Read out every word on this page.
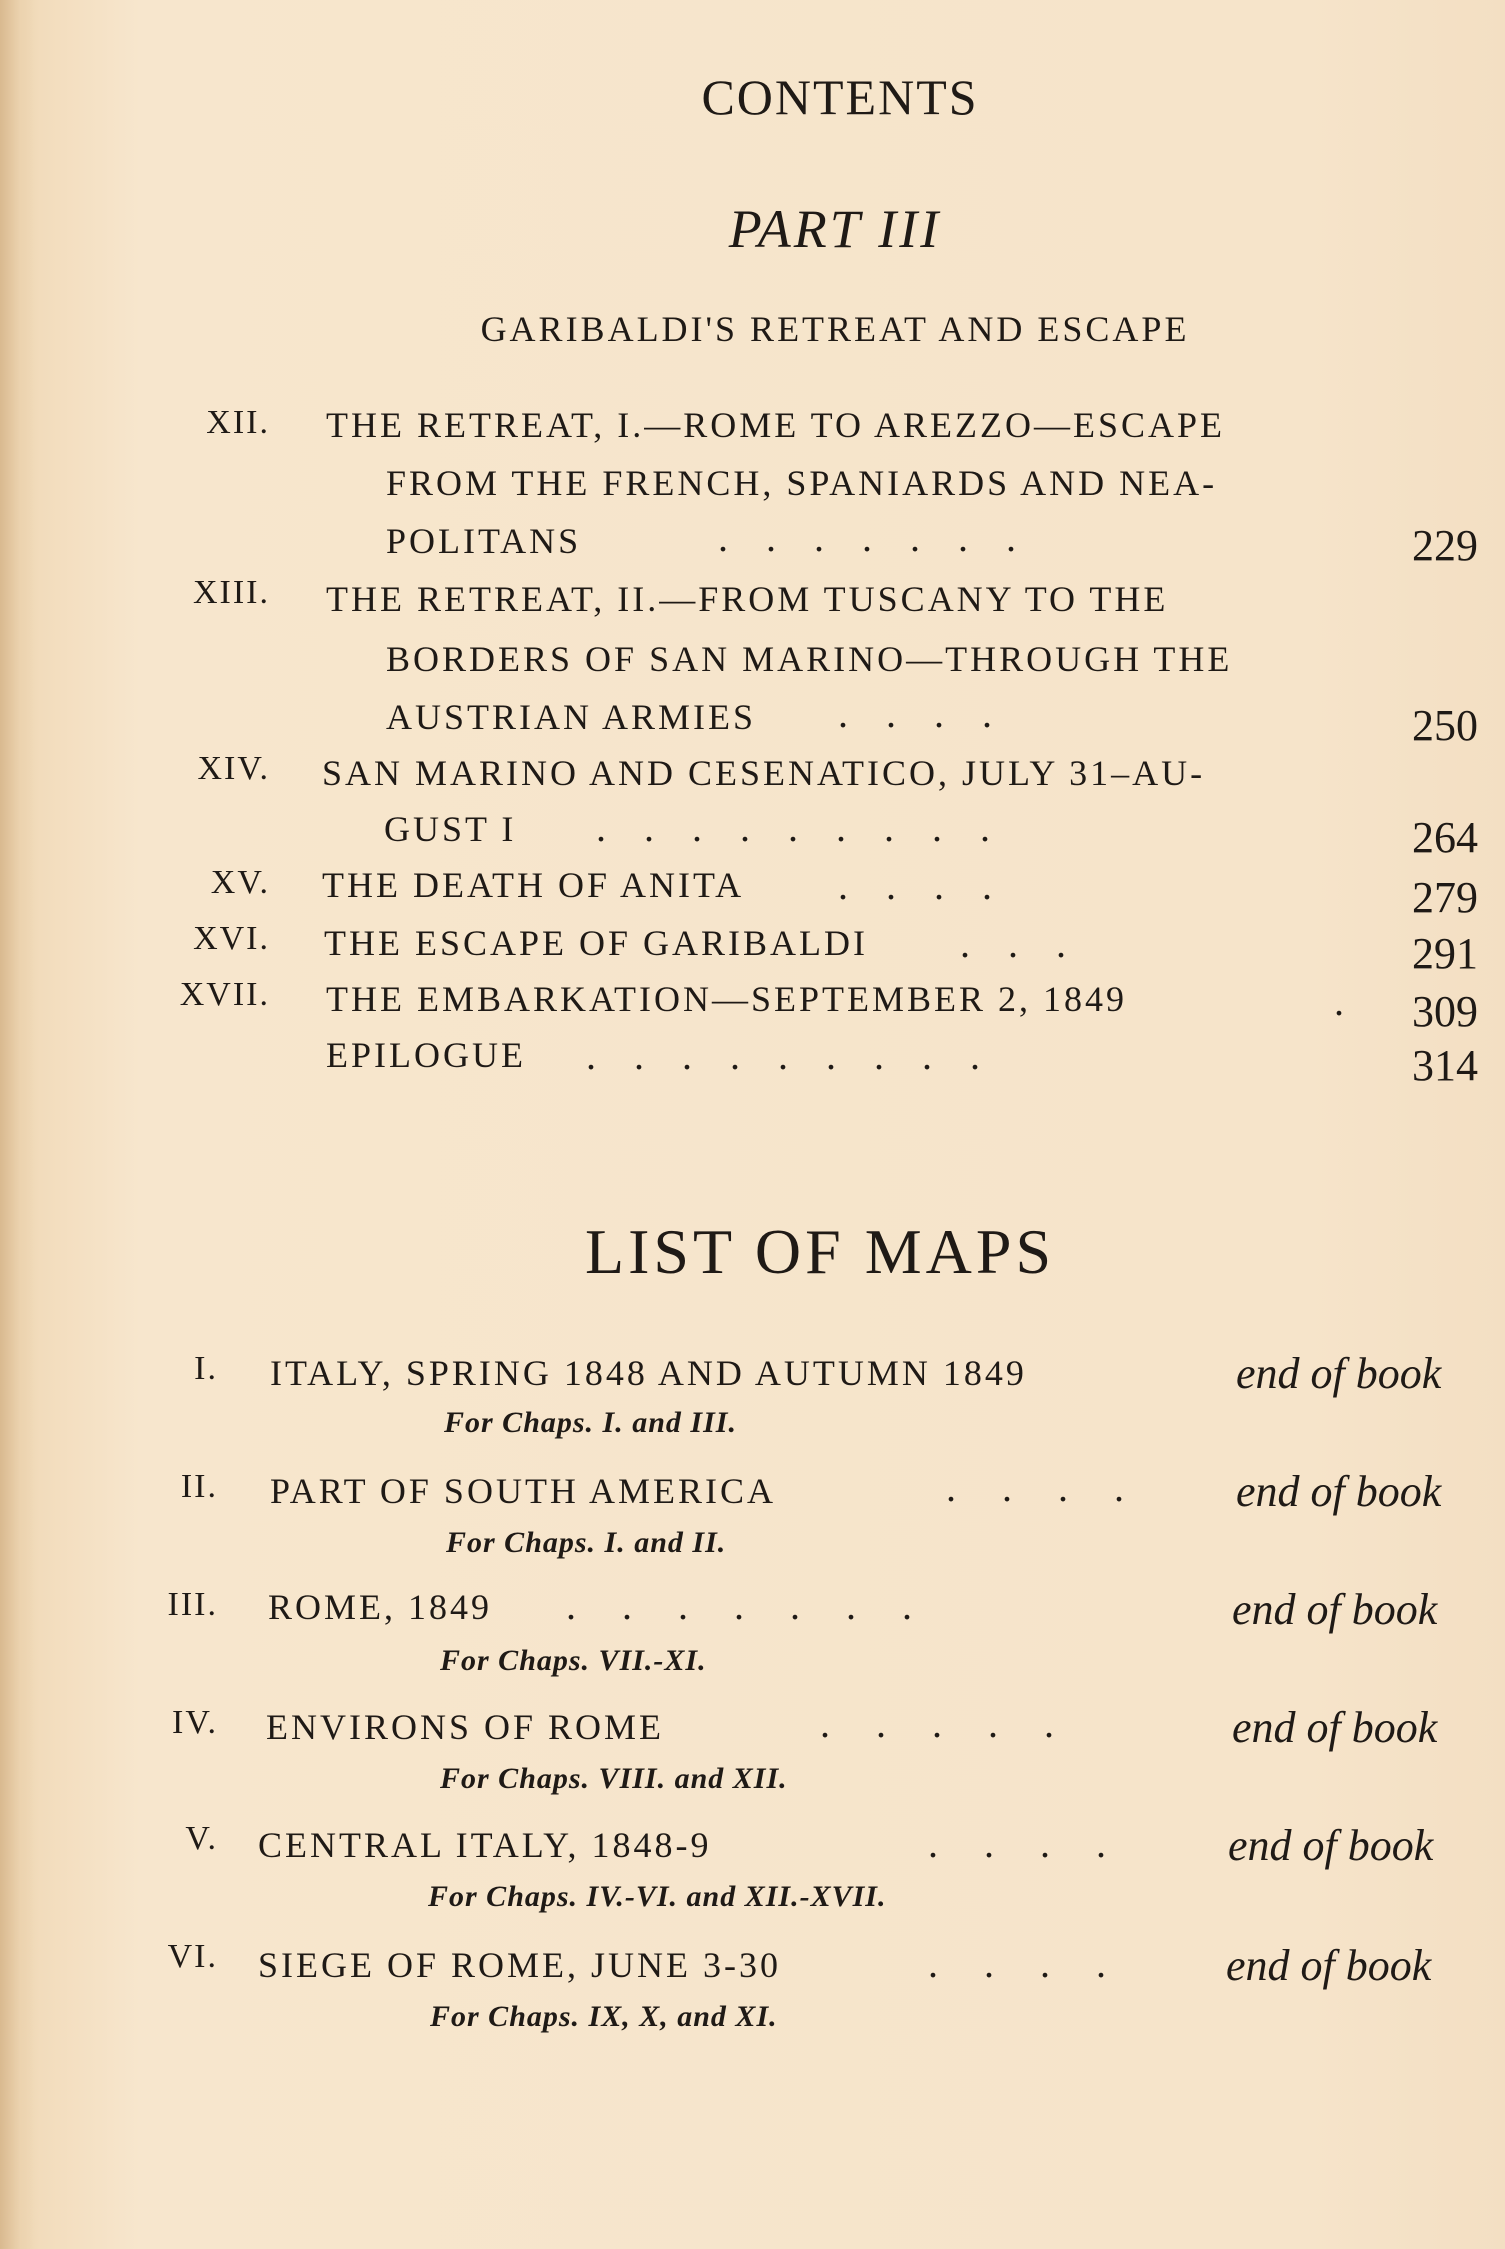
CONTENTS
PART III
GARIBALDI'S RETREAT AND ESCAPE
XII. THE RETREAT, I.—ROME TO AREZZO—ESCAPE
FROM THE FRENCH, SPANIARDS AND NEA-
POLITANS	.......	229
XIII. THE RETREAT, II.—FROM TUSCANY TO THE
BORDERS OF SAN MARINO—THROUGH THE
AUSTRIAN ARMIES ....	250
XIV. SAN MARINO AND CESENATICO, JULY 31–AU-
GUST I .........	264
XV. THE DEATH OF ANITA ....	279
XVI. THE ESCAPE OF GARIBALDI ...	291
XVII. THE EMBARKATION—SEPTEMBER 2, 1849	. 309
EPILOGUE .........	314
LIST OF MAPS
I. ITALY, SPRING 1848 AND AUTUMN 1849	end of book
For Chaps. I. and III.
II. PART OF SOUTH AMERICA	.... end of book
For Chaps. I. and II.
III. ROME, 1849 .......	end of book
For Chaps. VII.-XI.
IV. ENVIRONS OF ROME	.....	end of book
For Chaps. VIII. and XII.
V. CENTRAL ITALY, 1848-9	.... end of book
For Chaps. IV.-VI. and XII.-XVII.
VI. SIEGE OF ROME, JUNE 3-30	.... end of book
For Chaps. IX, X, and XI.
